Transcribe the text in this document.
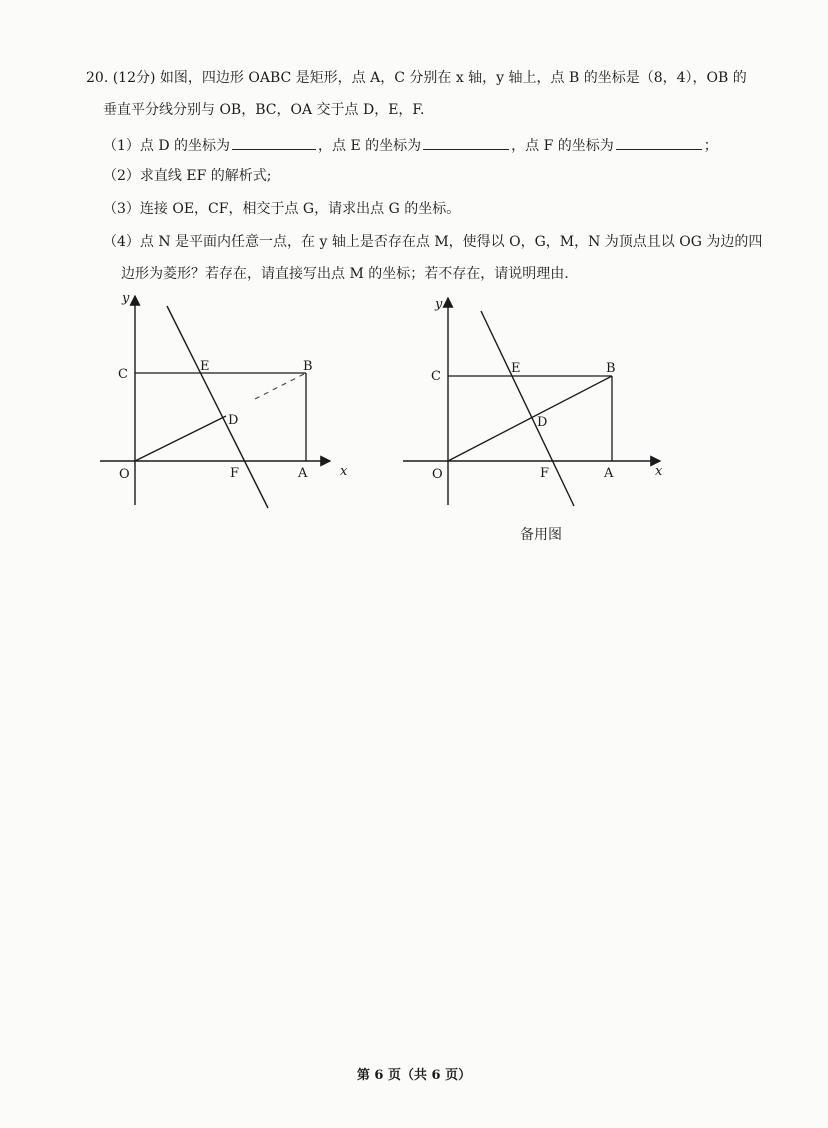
20. (12分) 如图，四边形 OABC 是矩形，点 A，C 分别在 x 轴，y 轴上，点 B 的坐标是（8，4），OB 的
垂直平分线分别与 OB，BC，OA 交于点 D，E，F.
（1）点 D 的坐标为	，点 E 的坐标为	，点 F 的坐标为	；
（2）求直线 EF 的解析式;
（3）连接 OE，CF，相交于点 G，请求出点 G 的坐标。
（4）点 N 是平面内任意一点，在 y 轴上是否存在点 M，使得以 O，G，M，N 为顶点且以 OG 为边的四
边形为菱形？若存在，请直接写出点 M 的坐标；若不存在，请说明理由.
y
x
O
C
E	B
D
F	A
y
x
O
C
E	B
D
F	A
备用图
第 6 页（共 6 页）
